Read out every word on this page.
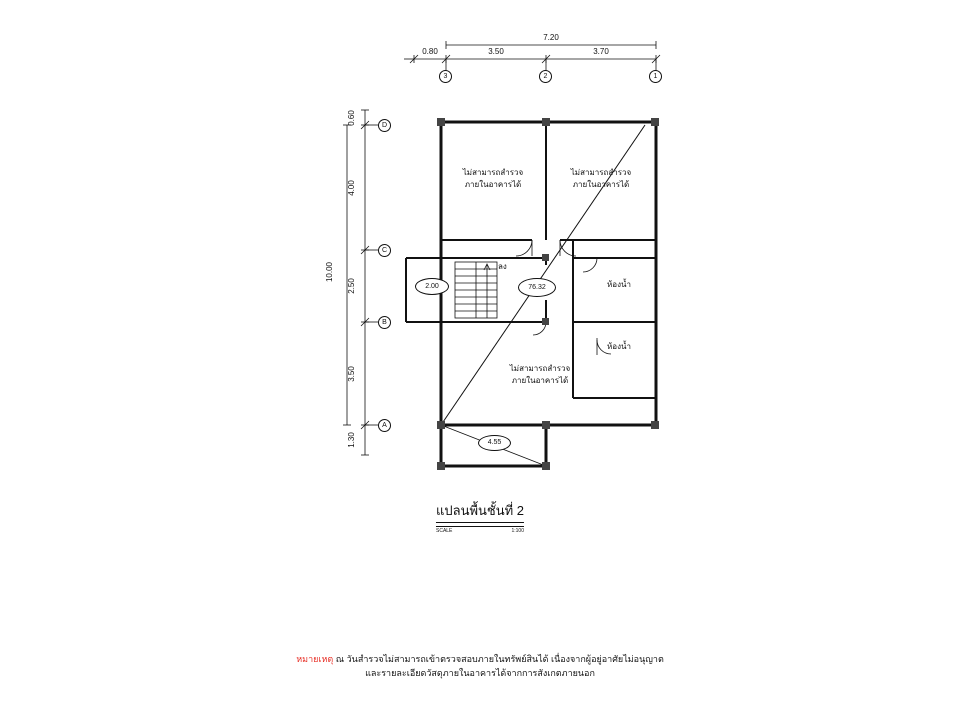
7.20
0.80	3.50	3.70
3	2	1
10.00
0.60
4.00
2.50
3.50
1.30
D
C
B
A
ไม่สามารถสำรวจ
ภายในอาคารได้
ไม่สามารถสำรวจ
ภายในอาคารได้
ไม่สามารถสำรวจ
ภายในอาคารได้
ห้องน้ำ
ห้องน้ำ
ลง
2.00	76.32
4.55
แปลนพื้นชั้นที่ 2
SCALE	1:100
หมายเหตุ ณ วันสำรวจไม่สามารถเข้าตรวจสอบภายในทรัพย์สินได้ เนื่องจากผู้อยู่อาศัยไม่อนุญาต
และรายละเอียดวัสดุภายในอาคารได้จากการสังเกตภายนอก
